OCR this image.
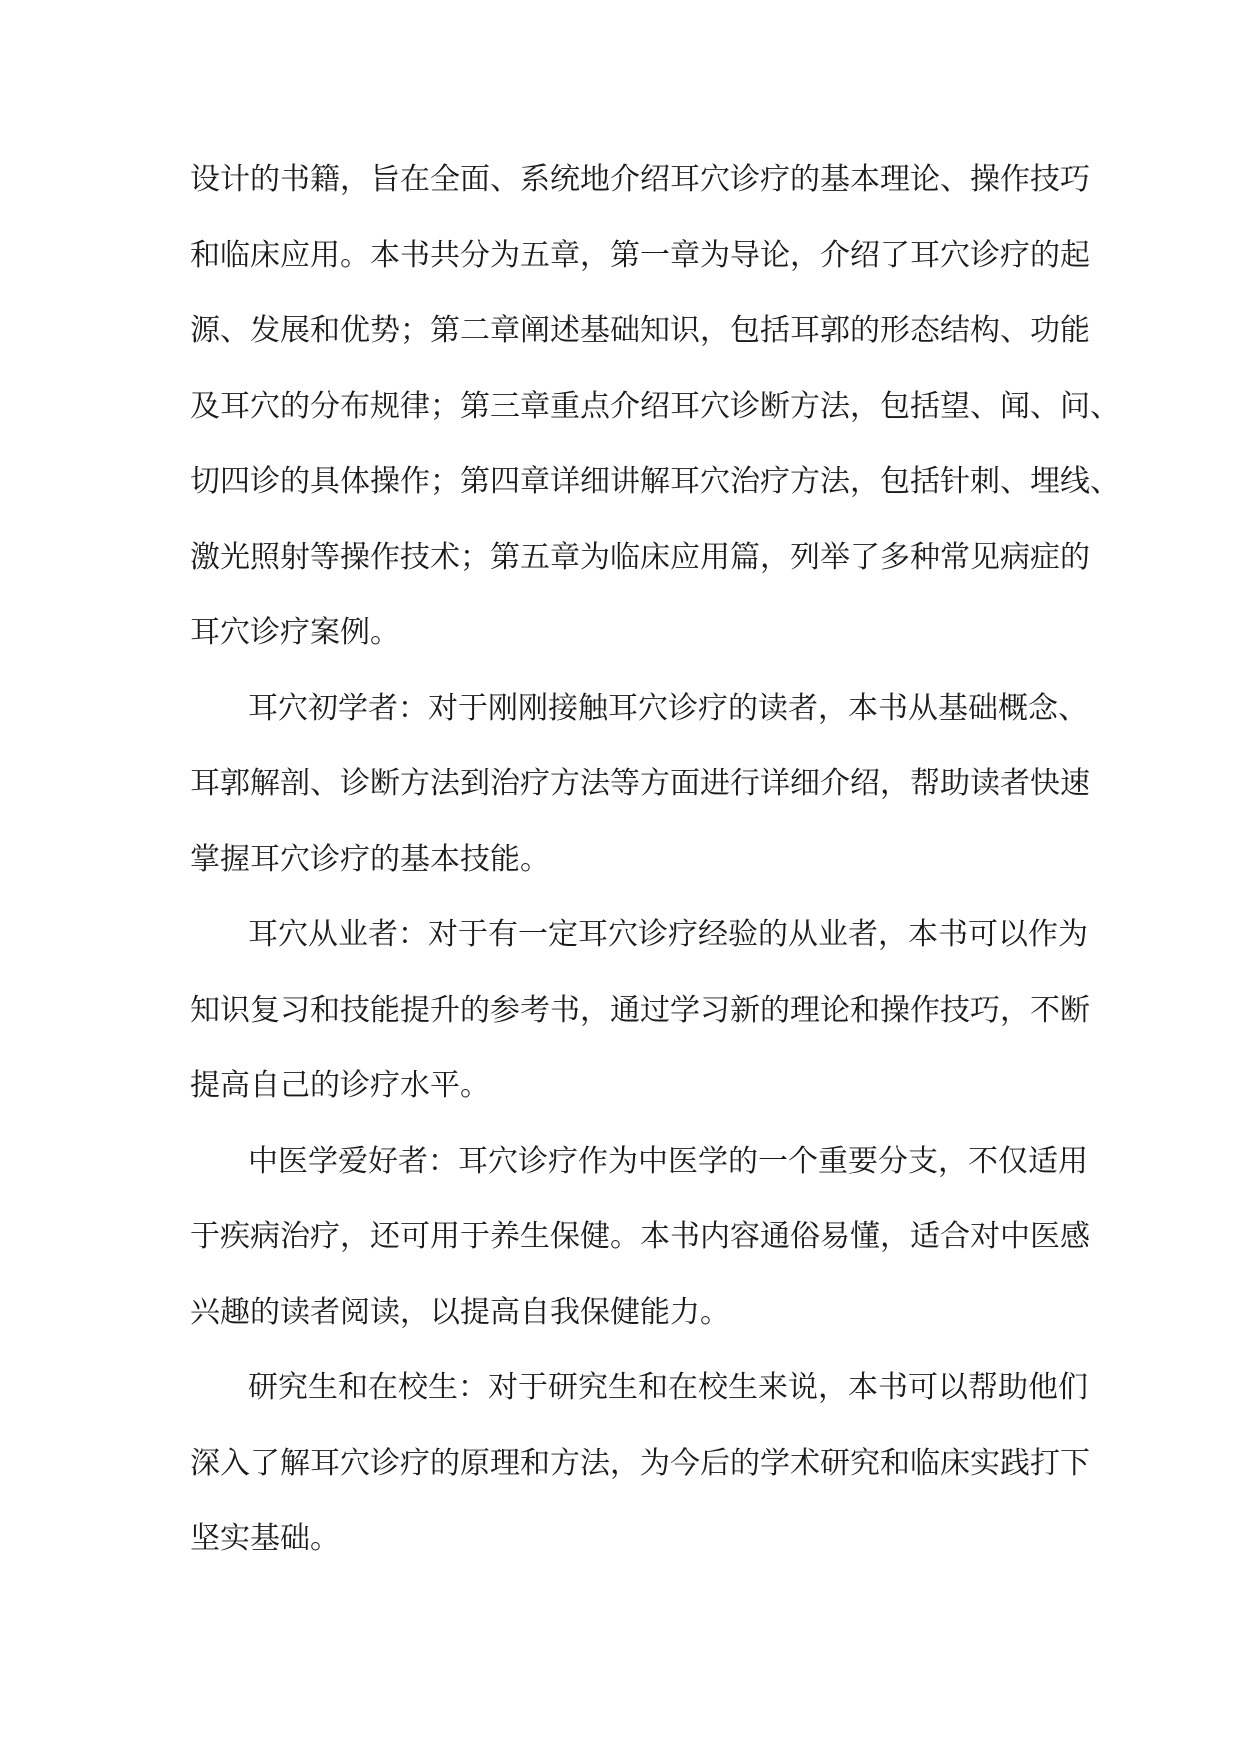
设计的书籍，旨在全面、系统地介绍耳穴诊疗的基本理论、操作技巧
和临床应用。本书共分为五章，第一章为导论，介绍了耳穴诊疗的起
源、发展和优势；第二章阐述基础知识，包括耳郭的形态结构、功能
及耳穴的分布规律；第三章重点介绍耳穴诊断方法，包括望、闻、问、
切四诊的具体操作；第四章详细讲解耳穴治疗方法，包括针刺、埋线、
激光照射等操作技术；第五章为临床应用篇，列举了多种常见病症的
耳穴诊疗案例。
耳穴初学者：对于刚刚接触耳穴诊疗的读者，本书从基础概念、
耳郭解剖、诊断方法到治疗方法等方面进行详细介绍，帮助读者快速
掌握耳穴诊疗的基本技能。
耳穴从业者：对于有一定耳穴诊疗经验的从业者，本书可以作为
知识复习和技能提升的参考书，通过学习新的理论和操作技巧，不断
提高自己的诊疗水平。
中医学爱好者：耳穴诊疗作为中医学的一个重要分支，不仅适用
于疾病治疗，还可用于养生保健。本书内容通俗易懂，适合对中医感
兴趣的读者阅读，以提高自我保健能力。
研究生和在校生：对于研究生和在校生来说，本书可以帮助他们
深入了解耳穴诊疗的原理和方法，为今后的学术研究和临床实践打下
坚实基础。
